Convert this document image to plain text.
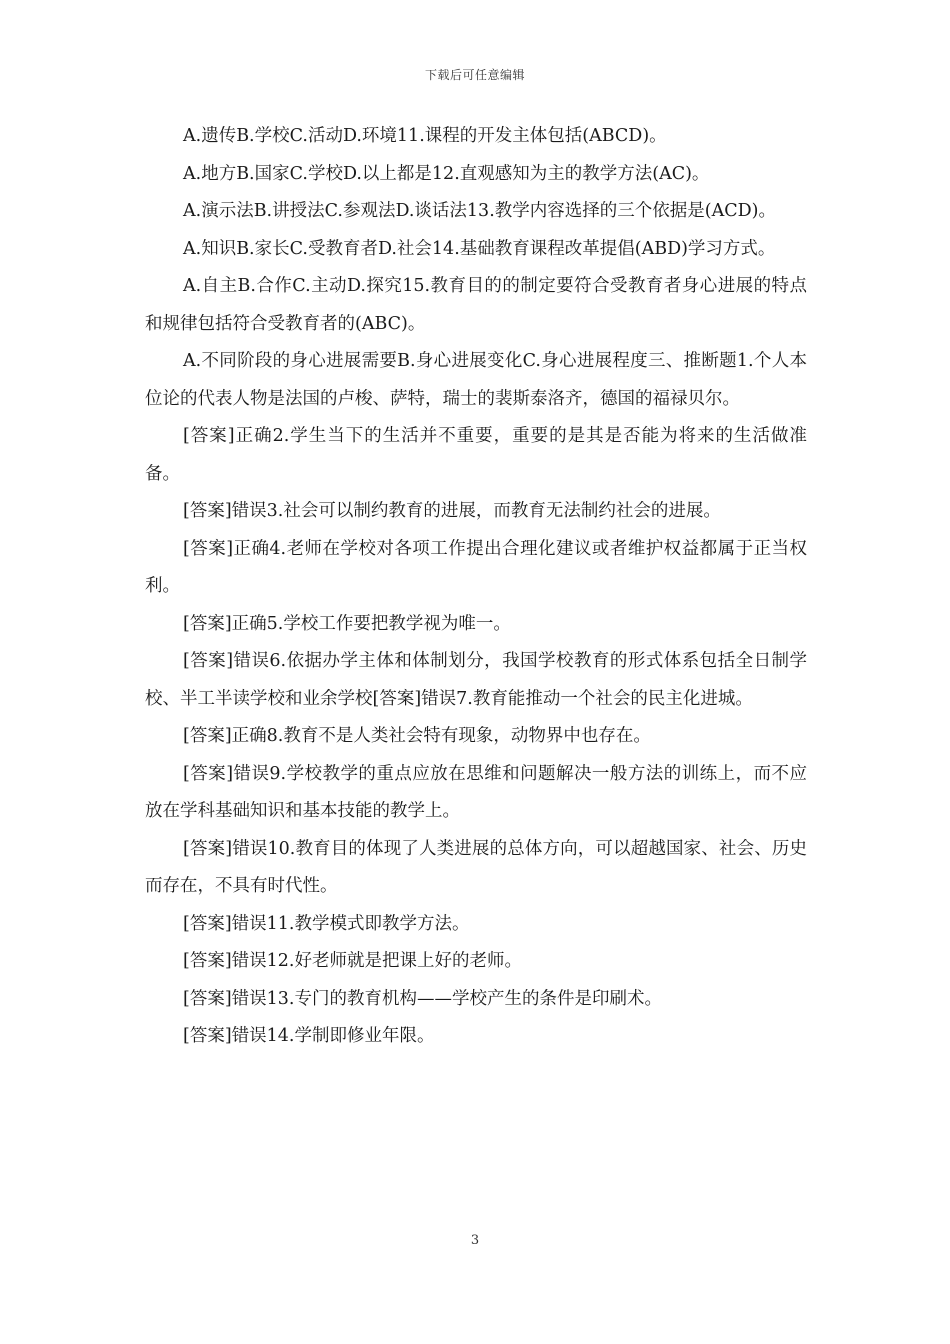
下载后可任意编辑

A.遗传B.学校C.活动D.环境11.课程的开发主体包括(ABCD)。

A.地方B.国家C.学校D.以上都是12.直观感知为主的教学方法(AC)。

A.演示法B.讲授法C.参观法D.谈话法13.教学内容选择的三个依据是(ACD)。

A.知识B.家长C.受教育者D.社会14.基础教育课程改革提倡(ABD)学习方式。

A.自主B.合作C.主动D.探究15.教育目的的制定要符合受教育者身心进展的特点和规律包括符合受教育者的(ABC)。

A.不同阶段的身心进展需要B.身心进展变化C.身心进展程度三、推断题1.个人本位论的代表人物是法国的卢梭、萨特，瑞士的裴斯泰洛齐，德国的福禄贝尔。

[答案]正确2.学生当下的生活并不重要，重要的是其是否能为将来的生活做准备。

[答案]错误3.社会可以制约教育的进展，而教育无法制约社会的进展。

[答案]正确4.老师在学校对各项工作提出合理化建议或者维护权益都属于正当权利。

[答案]正确5.学校工作要把教学视为唯一。

[答案]错误6.依据办学主体和体制划分，我国学校教育的形式体系包括全日制学校、半工半读学校和业余学校[答案]错误7.教育能推动一个社会的民主化进城。

[答案]正确8.教育不是人类社会特有现象，动物界中也存在。

[答案]错误9.学校教学的重点应放在思维和问题解决一般方法的训练上，而不应放在学科基础知识和基本技能的教学上。

[答案]错误10.教育目的体现了人类进展的总体方向，可以超越国家、社会、历史而存在，不具有时代性。

[答案]错误11.教学模式即教学方法。

[答案]错误12.好老师就是把课上好的老师。

[答案]错误13.专门的教育机构——学校产生的条件是印刷术。

[答案]错误14.学制即修业年限。

3
